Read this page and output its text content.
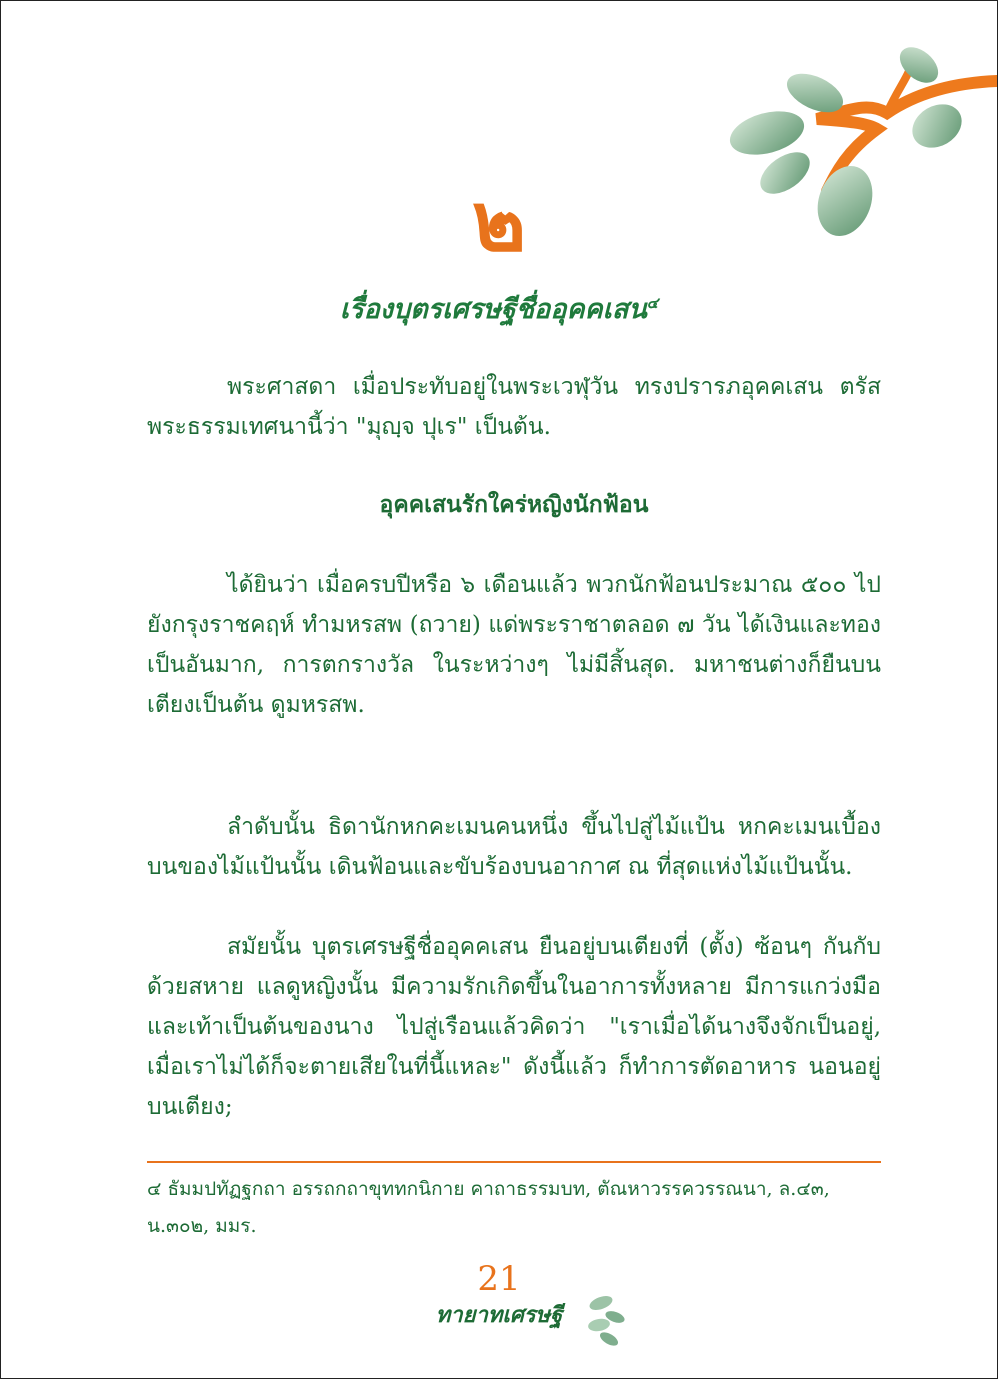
๒
เรื่องบุตรเศรษฐีชื่ออุคคเสน$^๔$
พระศาสดา เมื่อประทับอยู่ในพระเวฬุวัน ทรงปรารภอุคคเสน ตรัสพระธรรมเทศนานี้ว่า "มุญฺจ ปุเร" เป็นต้น.
อุคคเสนรักใคร่หญิงนักฟ้อน
ได้ยินว่า เมื่อครบปีหรือ ๖ เดือนแล้ว พวกนักฟ้อนประมาณ ๕๐๐ ไปยังกรุงราชคฤห์ ทำมหรสพ (ถวาย) แด่พระราชาตลอด ๗ วัน ได้เงินและทองเป็นอันมาก, การตกรางวัล ในระหว่างๆ ไม่มีสิ้นสุด. มหาชนต่างก็ยืนบนเตียงเป็นต้น ดูมหรสพ.
ลำดับนั้น ธิดานักหกคะเมนคนหนึ่ง ขึ้นไปสู่ไม้แป้น หกคะเมนเบื้องบนของไม้แป้นนั้น เดินฟ้อนและขับร้องบนอากาศ ณ ที่สุดแห่งไม้แป้นนั้น.
สมัยนั้น บุตรเศรษฐีชื่ออุคคเสน ยืนอยู่บนเตียงที่ (ตั้ง) ซ้อนๆ กันกับด้วยสหาย แลดูหญิงนั้น มีความรักเกิดขึ้นในอาการทั้งหลาย มีการแกว่งมือและเท้าเป็นต้นของนาง ไปสู่เรือนแล้วคิดว่า "เราเมื่อได้นางจึงจักเป็นอยู่, เมื่อเราไม่ได้ก็จะตายเสียในที่นี้แหละ" ดังนี้แล้ว ก็ทำการตัดอาหาร นอนอยู่บนเตียง;
๔ ธัมมปทัฏฐกถา อรรถกถาขุททกนิกาย คาถาธรรมบท, ตัณหาวรรควรรณนา, ล.๔๓, น.๓๐๒, มมร.
21
ทายาทเศรษฐี
